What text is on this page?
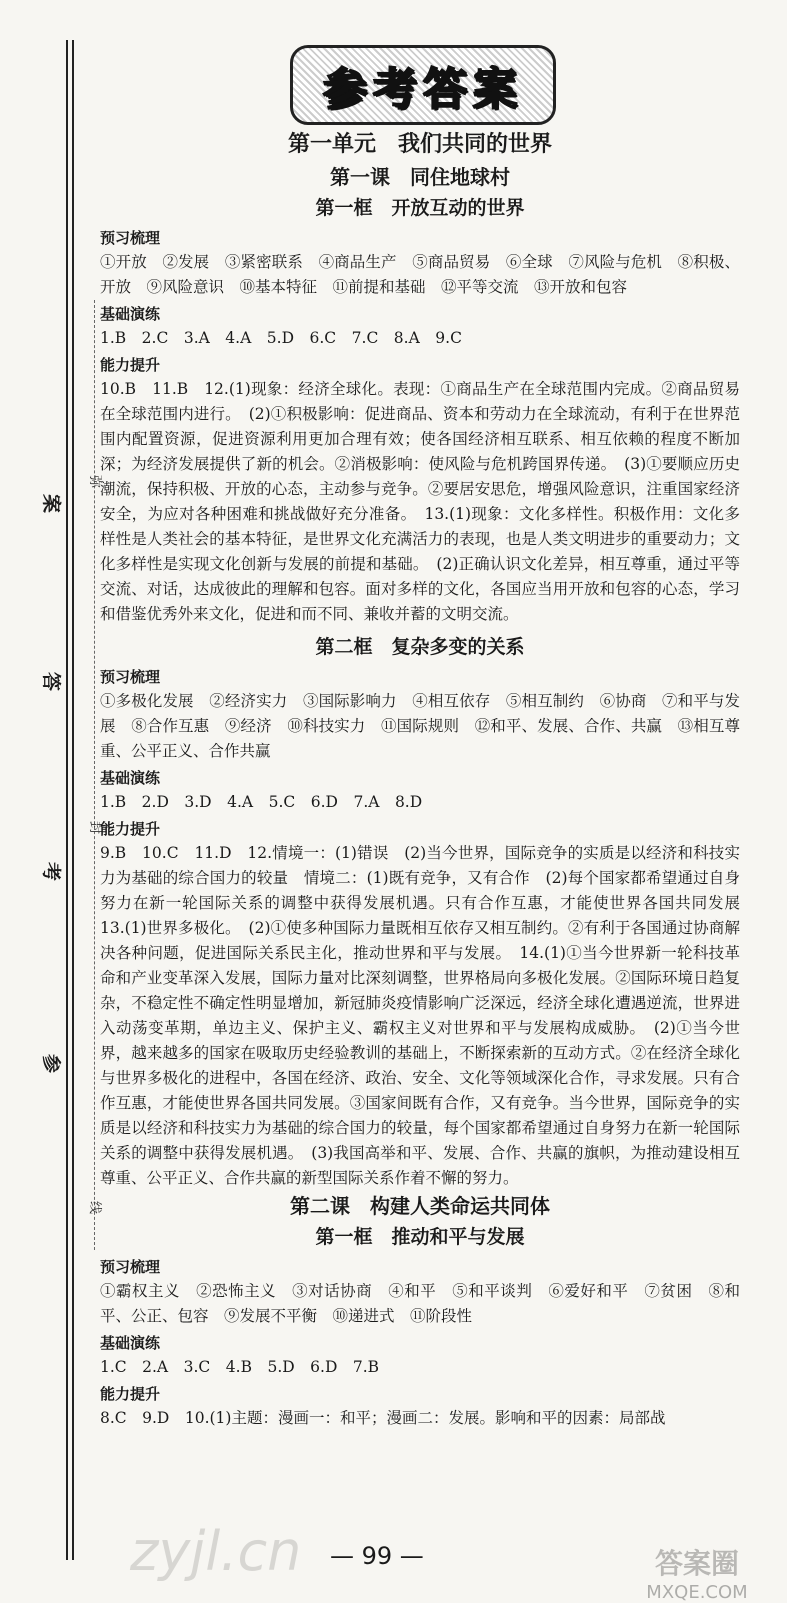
弥
封
线
案
答
考
参
参考答案

第一单元　我们共同的世界

第一课　同住地球村

第一框　开放互动的世界

预习梳理

①开放　②发展　③紧密联系　④商品生产　⑤商品贸易　⑥全球　⑦风险与危机　⑧积极、开放　⑨风险意识　⑩基本特征　⑪前提和基础　⑫平等交流　⑬开放和包容

基础演练

1.B　2.C　3.A　4.A　5.D　6.C　7.C　8.A　9.C

能力提升

10.B　11.B　12.(1)现象：经济全球化。表现：①商品生产在全球范围内完成。②商品贸易在全球范围内进行。　(2)①积极影响：促进商品、资本和劳动力在全球流动，有利于在世界范围内配置资源，促进资源利用更加合理有效；使各国经济相互联系、相互依赖的程度不断加深；为经济发展提供了新的机会。②消极影响：使风险与危机跨国界传递。　(3)①要顺应历史潮流，保持积极、开放的心态，主动参与竞争。②要居安思危，增强风险意识，注重国家经济安全，为应对各种困难和挑战做好充分准备。　13.(1)现象：文化多样性。积极作用：文化多样性是人类社会的基本特征，是世界文化充满活力的表现，也是人类文明进步的重要动力；文化多样性是实现文化创新与发展的前提和基础。　(2)正确认识文化差异，相互尊重，通过平等交流、对话，达成彼此的理解和包容。面对多样的文化，各国应当用开放和包容的心态，学习和借鉴优秀外来文化，促进和而不同、兼收并蓄的文明交流。

第二框　复杂多变的关系

预习梳理

①多极化发展　②经济实力　③国际影响力　④相互依存　⑤相互制约　⑥协商　⑦和平与发展　⑧合作互惠　⑨经济　⑩科技实力　⑪国际规则　⑫和平、发展、合作、共赢　⑬相互尊重、公平正义、合作共赢

基础演练

1.B　2.D　3.D　4.A　5.C　6.D　7.A　8.D

能力提升

9.B　10.C　11.D　12.情境一：(1)错误　(2)当今世界，国际竞争的实质是以经济和科技实力为基础的综合国力的较量　情境二：(1)既有竞争，又有合作　(2)每个国家都希望通过自身努力在新一轮国际关系的调整中获得发展机遇。只有合作互惠，才能使世界各国共同发展　13.(1)世界多极化。　(2)①使多种国际力量既相互依存又相互制约。②有利于各国通过协商解决各种问题，促进国际关系民主化，推动世界和平与发展。　14.(1)①当今世界新一轮科技革命和产业变革深入发展，国际力量对比深刻调整，世界格局向多极化发展。②国际环境日趋复杂，不稳定性不确定性明显增加，新冠肺炎疫情影响广泛深远，经济全球化遭遇逆流，世界进入动荡变革期，单边主义、保护主义、霸权主义对世界和平与发展构成威胁。　(2)①当今世界，越来越多的国家在吸取历史经验教训的基础上，不断探索新的互动方式。②在经济全球化与世界多极化的进程中，各国在经济、政治、安全、文化等领域深化合作，寻求发展。只有合作互惠，才能使世界各国共同发展。③国家间既有合作，又有竞争。当今世界，国际竞争的实质是以经济和科技实力为基础的综合国力的较量，每个国家都希望通过自身努力在新一轮国际关系的调整中获得发展机遇。　(3)我国高举和平、发展、合作、共赢的旗帜，为推动建设相互尊重、公平正义、合作共赢的新型国际关系作着不懈的努力。

第二课　构建人类命运共同体

第一框　推动和平与发展

预习梳理

①霸权主义　②恐怖主义　③对话协商　④和平　⑤和平谈判　⑥爱好和平　⑦贫困　⑧和平、公正、包容　⑨发展不平衡　⑩递进式　⑪阶段性

基础演练

1.C　2.A　3.C　4.B　5.D　6.D　7.B

能力提升

8.C　9.D　10.(1)主题：漫画一：和平；漫画二：发展。影响和平的因素：局部战

— 99 —
zyjl.cn	答案圈
MXQE.COM
